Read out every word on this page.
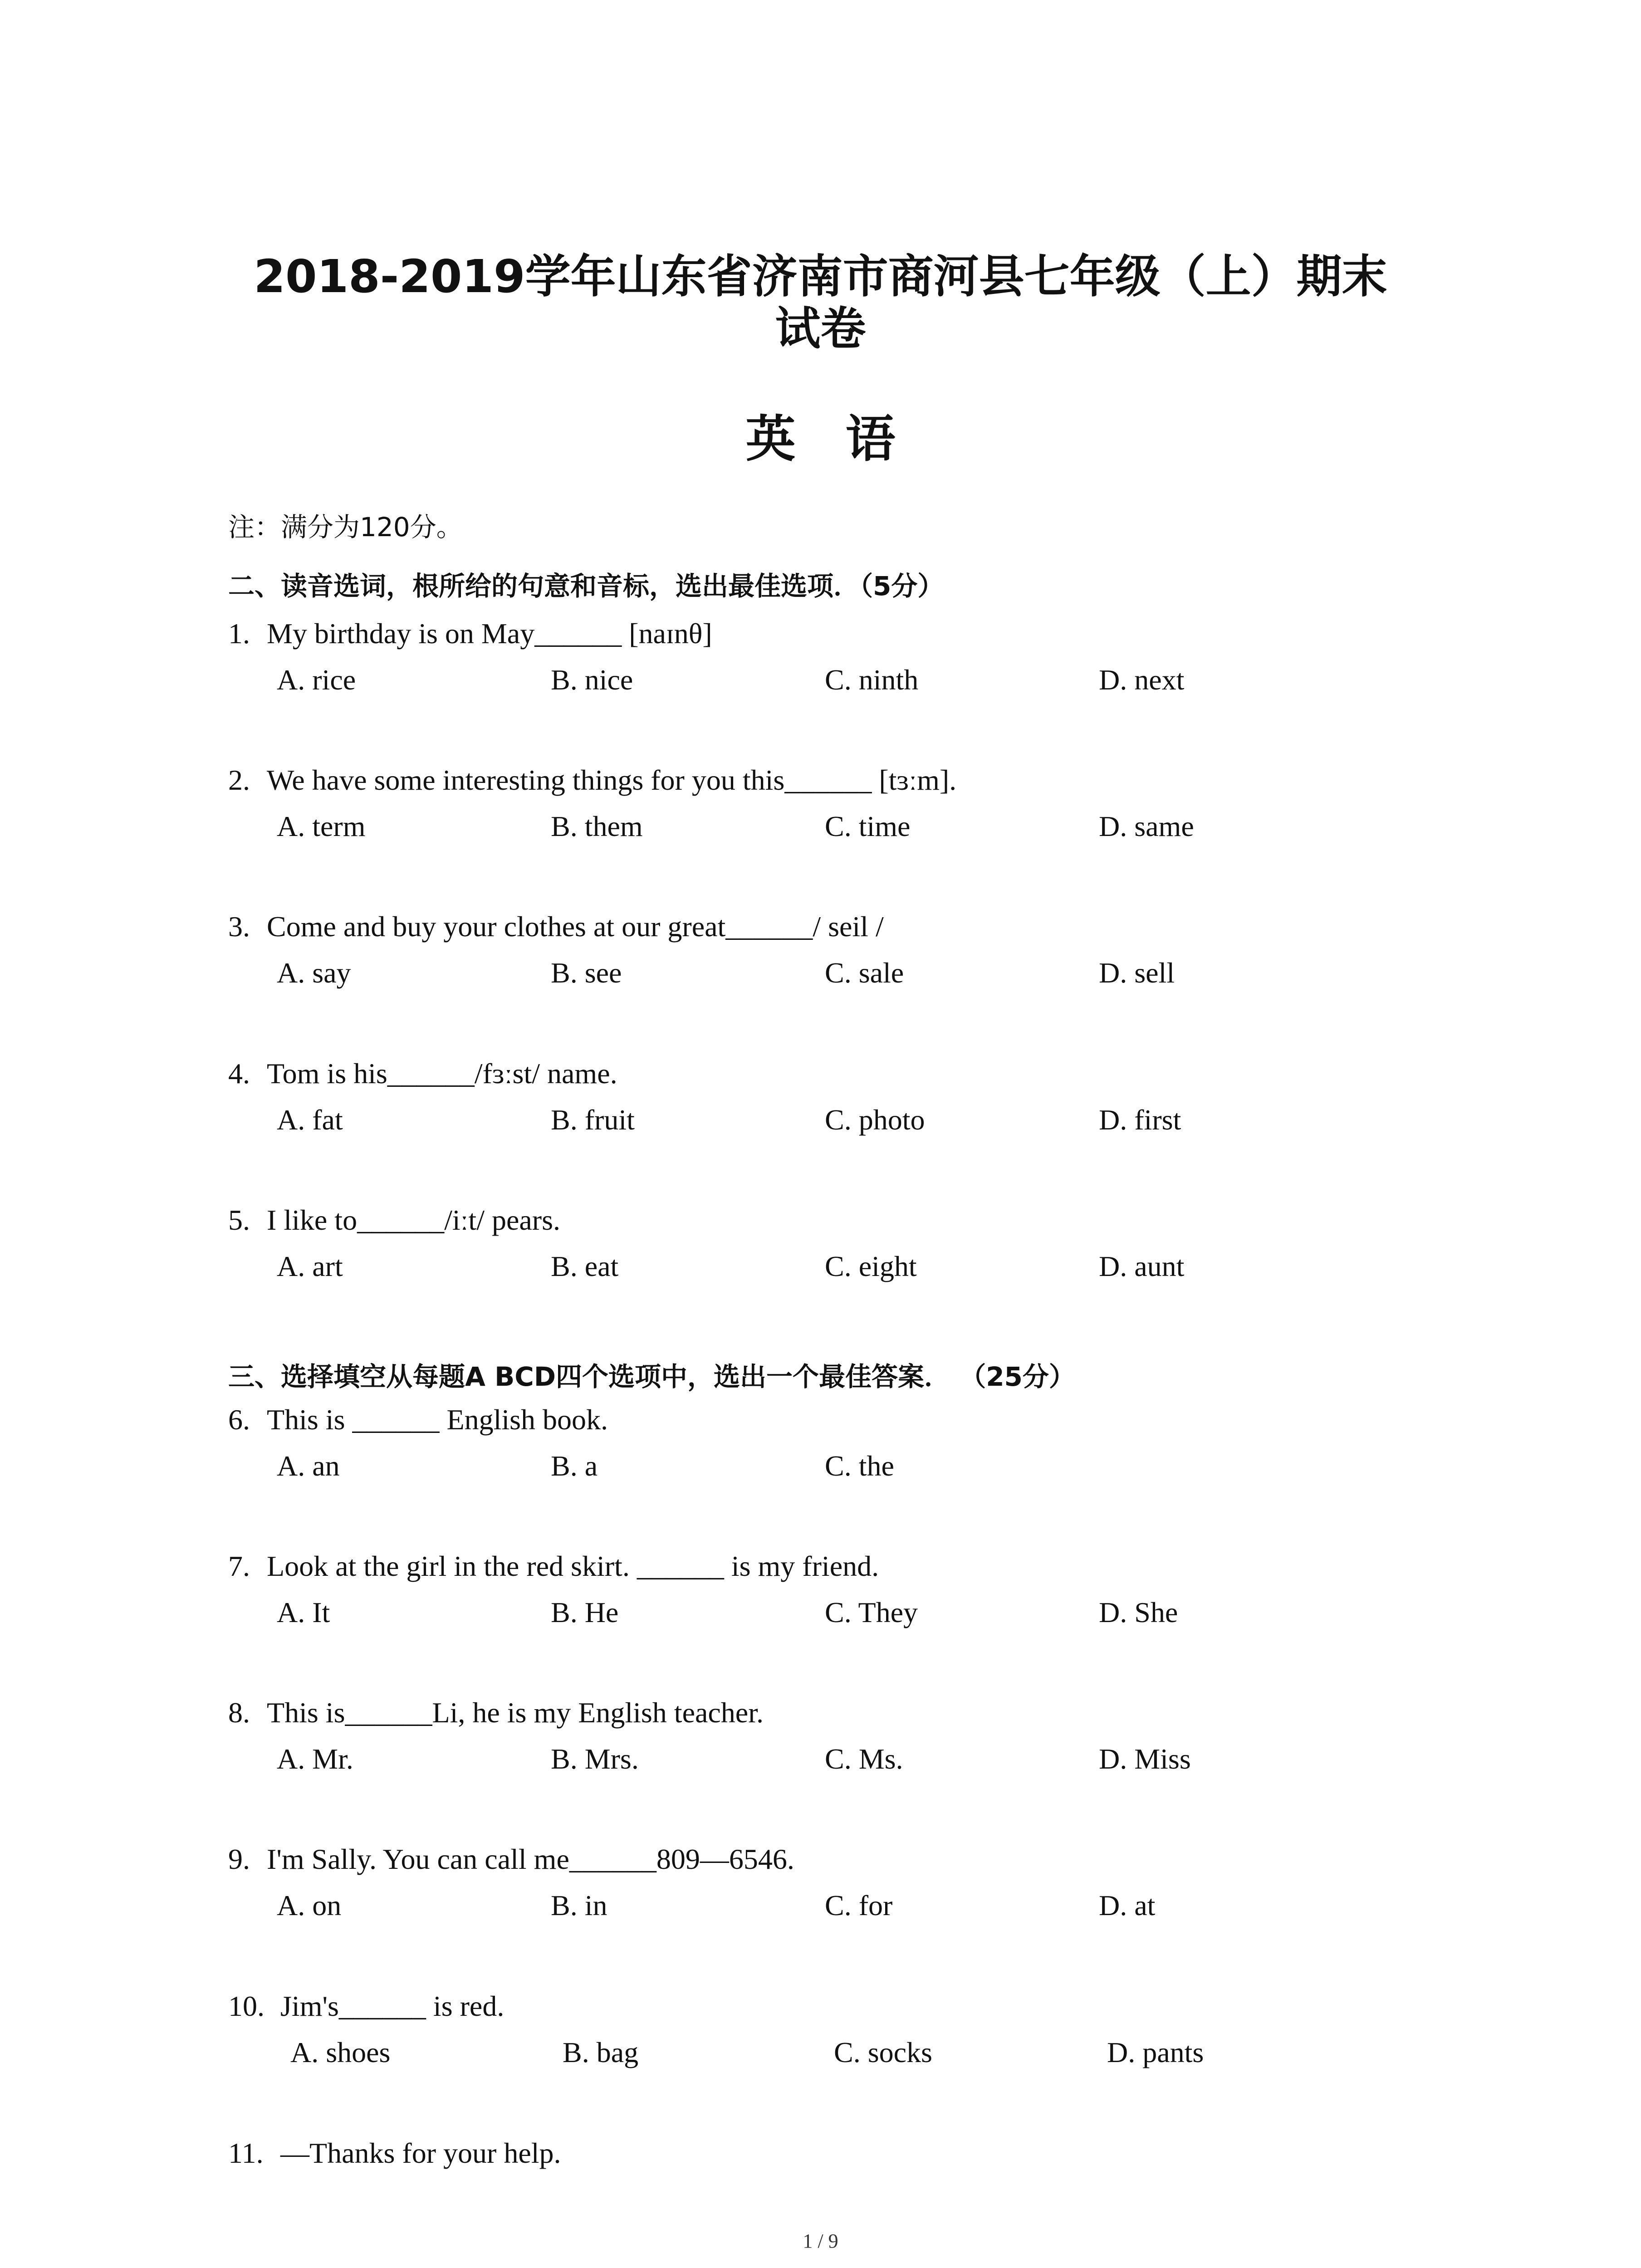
2018-2019学年山东省济南市商河县七年级（上）期末
试卷
英语
注：满分为120分。
二、读音选词，根所给的句意和音标，选出最佳选项．（5分）
1. My birthday is on May______ [naɪnθ]
A. rice	B. nice	C. ninth	D. next
2. We have some interesting things for you this______ [tɜːm].
A. term	B. them	C. time	D. same
3. Come and buy your clothes at our great______/ seil /
A. say	B. see	C. sale	D. sell
4. Tom is his______/fɜːst/ name.
A. fat	B. fruit	C. photo	D. first
5. I like to______/iːt/ pears.
A. art	B. eat	C. eight	D. aunt
三、选择填空从每题A BCD四个选项中，选出一个最佳答案． （25分）
6. This is ______ English book.
A. an	B. a	C. the
7. Look at the girl in the red skirt. ______ is my friend.
A. It	B. He	C. They	D. She
8. This is______Li, he is my English teacher.
A. Mr.	B. Mrs.	C. Ms.	D. Miss
9. I'm Sally. You can call me______809—6546.
A. on	B. in	C. for	D. at
10. Jim's______ is red.
A. shoes	B. bag	C. socks	D. pants
11. —Thanks for your help.
1 / 9
